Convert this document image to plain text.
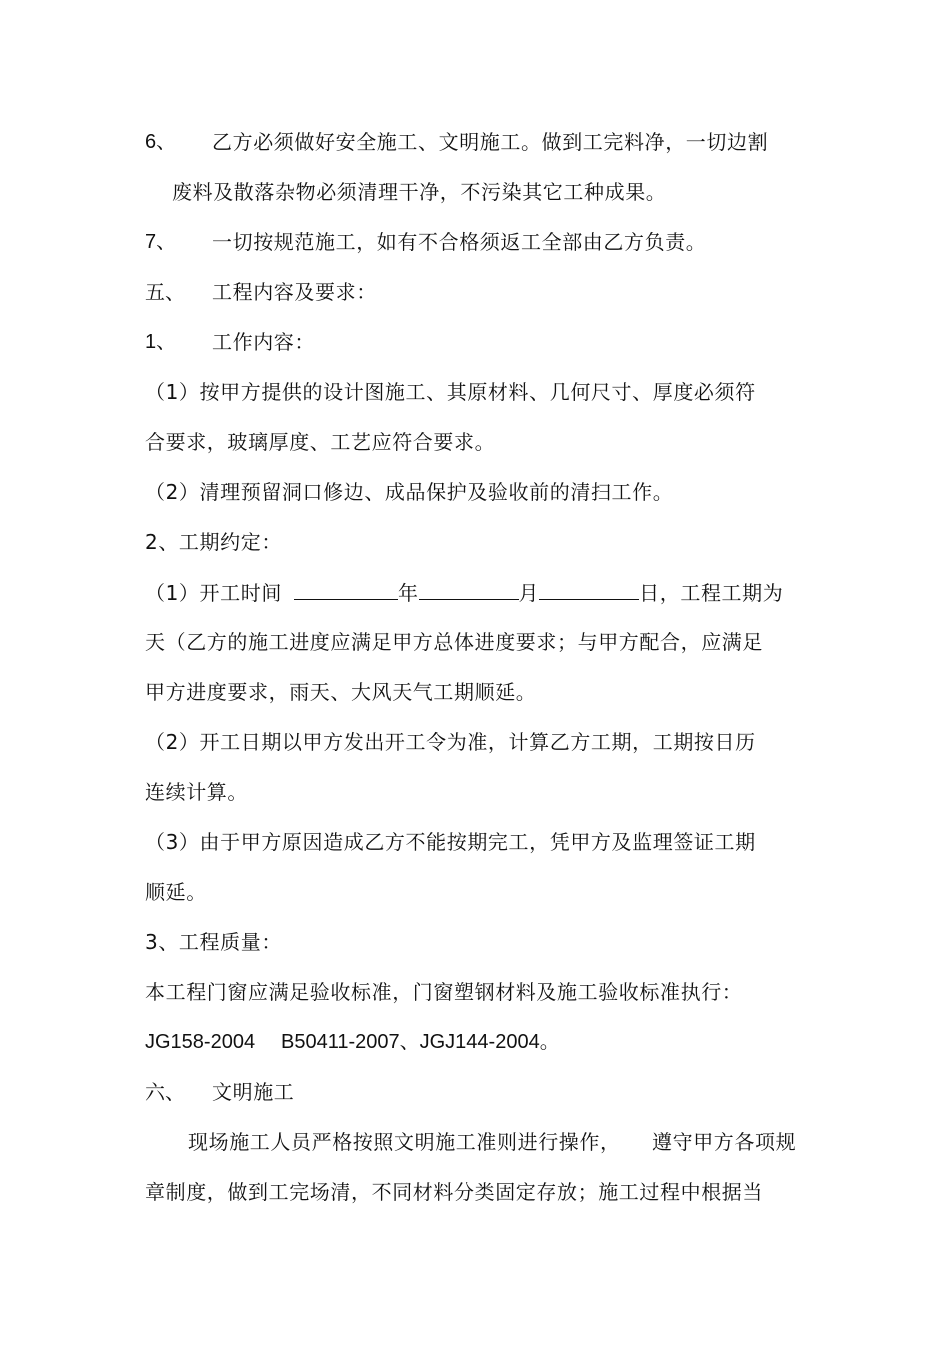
6、 乙方必须做好安全施工、文明施工。做到工完料净，一切边割
废料及散落杂物必须清理干净，不污染其它工种成果。
7、 一切按规范施工，如有不合格须返工全部由乙方负责。
五、 工程内容及要求：
1、 工作内容：
（1）按甲方提供的设计图施工、其原材料、几何尺寸、厚度必须符
合要求，玻璃厚度、工艺应符合要求。
（2）清理预留洞口修边、成品保护及验收前的清扫工作。
2、工期约定：
（1）开工时间	年	月	日，工程工期为
天（乙方的施工进度应满足甲方总体进度要求；与甲方配合，应满足
甲方进度要求，雨天、大风天气工期顺延。
（2）开工日期以甲方发出开工令为准，计算乙方工期，工期按日历
连续计算。
（3）由于甲方原因造成乙方不能按期完工，凭甲方及监理签证工期
顺延。
3、工程质量：
本工程门窗应满足验收标准，门窗塑钢材料及施工验收标准执行：
JG158-2004 B50411-2007、JGJ144-2004。
六、 文明施工
现场施工人员严格按照文明施工准则进行操作， 遵守甲方各项规
章制度，做到工完场清，不同材料分类固定存放；施工过程中根据当
